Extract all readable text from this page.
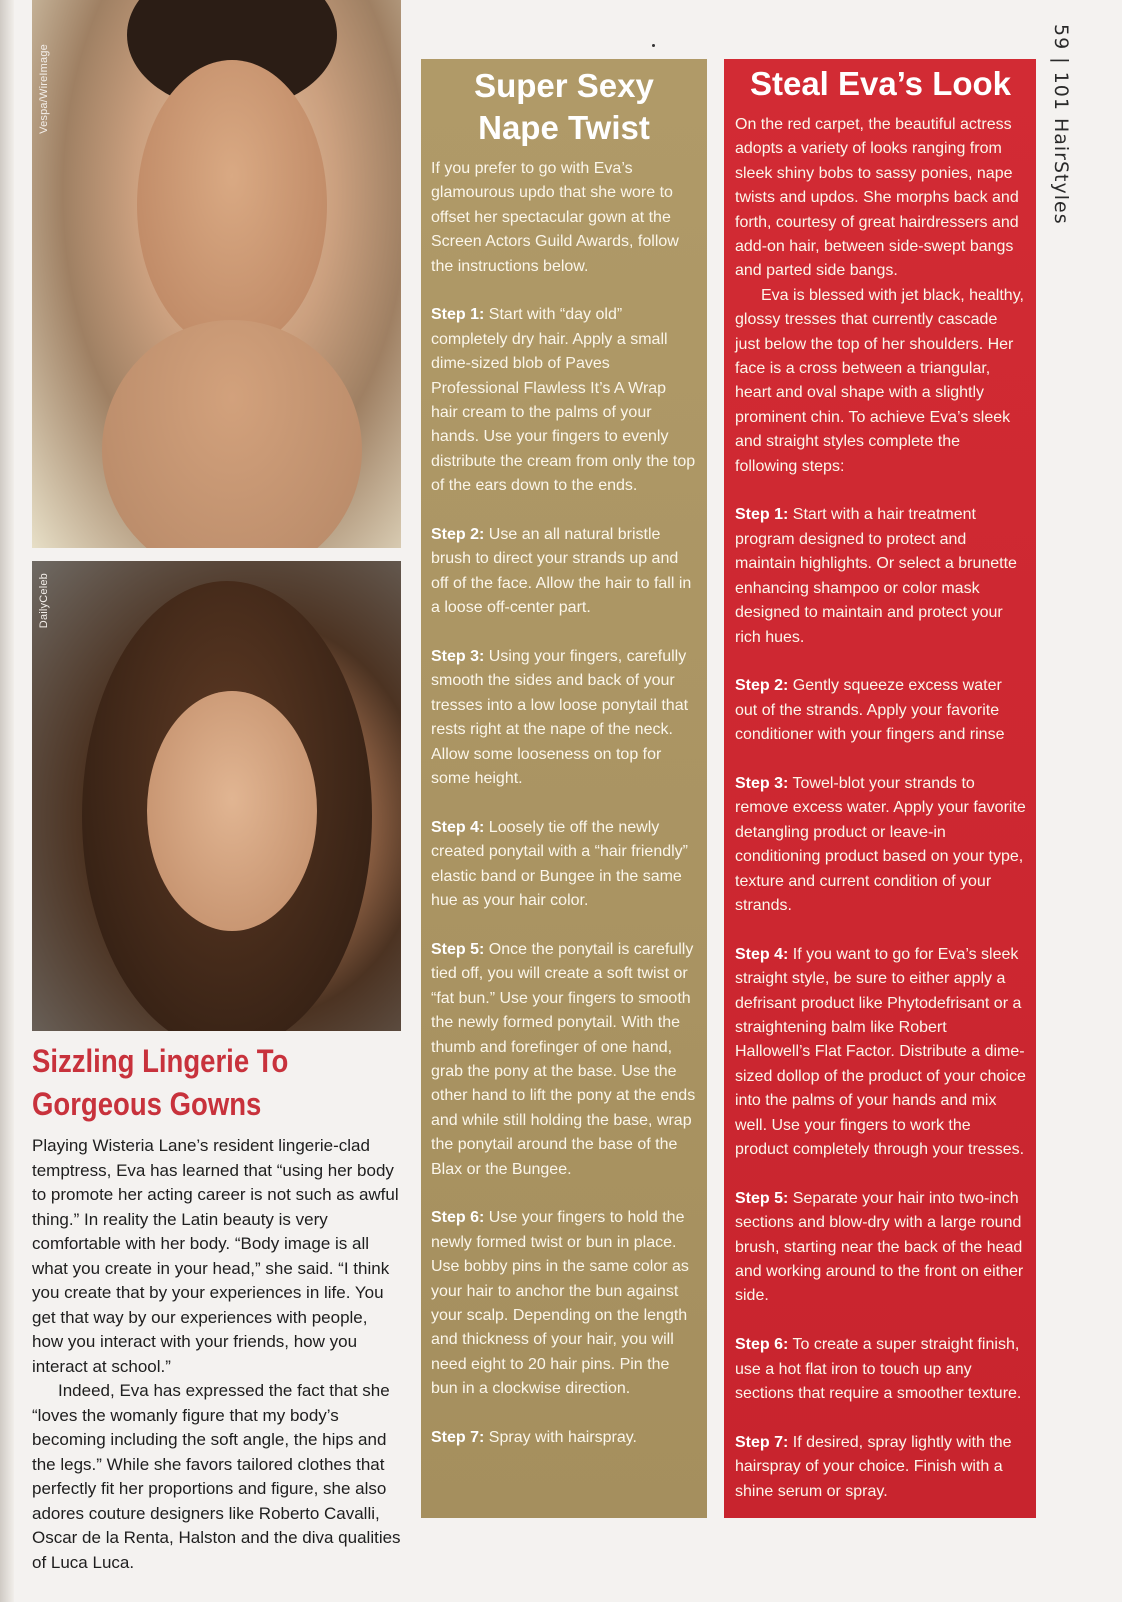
Vespa/WireImage
DailyCeleb
Sizzling Lingerie To
Gorgeous Gowns

Playing Wisteria Lane’s resident lingerie-clad temptress, Eva has learned that “using her body to promote her acting career is not such as awful thing.” In reality the Latin beauty is very comfortable with her body. “Body image is all what you create in your head,” she said. “I think you create that by your experiences in life. You get that way by our experiences with people, how you interact with your friends, how you interact at school.”

Indeed, Eva has expressed the fact that she “loves the womanly figure that my body’s becoming including the soft angle, the hips and the legs.” While she favors tailored clothes that perfectly fit her proportions and figure, she also adores couture designers like Roberto Cavalli, Oscar de la Renta, Halston and the diva qualities of Luca Luca.

Super Sexy
Nape Twist

If you prefer to go with Eva’s glamourous updo that she wore to offset her spectacular gown at the Screen Actors Guild Awards, follow the instructions below.

Step 1: Start with “day old” completely dry hair. Apply a small dime-sized blob of Paves Professional Flawless It’s A Wrap hair cream to the palms of your hands. Use your fingers to evenly distribute the cream from only the top of the ears down to the ends.

Step 2: Use an all natural bristle brush to direct your strands up and off of the face. Allow the hair to fall in a loose off-center part.

Step 3: Using your fingers, carefully smooth the sides and back of your tresses into a low loose ponytail that rests right at the nape of the neck. Allow some looseness on top for some height.

Step 4: Loosely tie off the newly created ponytail with a “hair friendly” elastic band or Bungee in the same hue as your hair color.

Step 5: Once the ponytail is carefully tied off, you will create a soft twist or “fat bun.” Use your fingers to smooth the newly formed ponytail. With the thumb and forefinger of one hand, grab the pony at the base. Use the other hand to lift the pony at the ends and while still holding the base, wrap the ponytail around the base of the Blax or the Bungee.

Step 6: Use your fingers to hold the newly formed twist or bun in place. Use bobby pins in the same color as your hair to anchor the bun against your scalp. Depending on the length and thickness of your hair, you will need eight to 20 hair pins. Pin the bun in a clockwise direction.

Step 7: Spray with hairspray.

Steal Eva’s Look

On the red carpet, the beautiful actress adopts a variety of looks ranging from sleek shiny bobs to sassy ponies, nape twists and updos. She morphs back and forth, courtesy of great hairdressers and add-on hair, between side-swept bangs and parted side bangs.

Eva is blessed with jet black, healthy, glossy tresses that currently cascade just below the top of her shoulders. Her face is a cross between a triangular, heart and oval shape with a slightly prominent chin. To achieve Eva’s sleek and straight styles complete the following steps:

Step 1: Start with a hair treatment program designed to protect and maintain highlights. Or select a brunette enhancing shampoo or color mask designed to maintain and protect your rich hues.

Step 2: Gently squeeze excess water out of the strands. Apply your favorite conditioner with your fingers and rinse

Step 3: Towel-blot your strands to remove excess water. Apply your favorite detangling product or leave-in conditioning product based on your type, texture and current condition of your strands.

Step 4: If you want to go for Eva’s sleek straight style, be sure to either apply a defrisant product like Phytodefrisant or a straightening balm like Robert Hallowell’s Flat Factor. Distribute a dime-sized dollop of the product of your choice into the palms of your hands and mix well. Use your fingers to work the product completely through your tresses.

Step 5: Separate your hair into two-inch sections and blow-dry with a large round brush, starting near the back of the head and working around to the front on either side.

Step 6: To create a super straight finish, use a hot flat iron to touch up any sections that require a smoother texture.

Step 7: If desired, spray lightly with the hairspray of your choice. Finish with a shine serum or spray.

59 | 101 HairStyles
